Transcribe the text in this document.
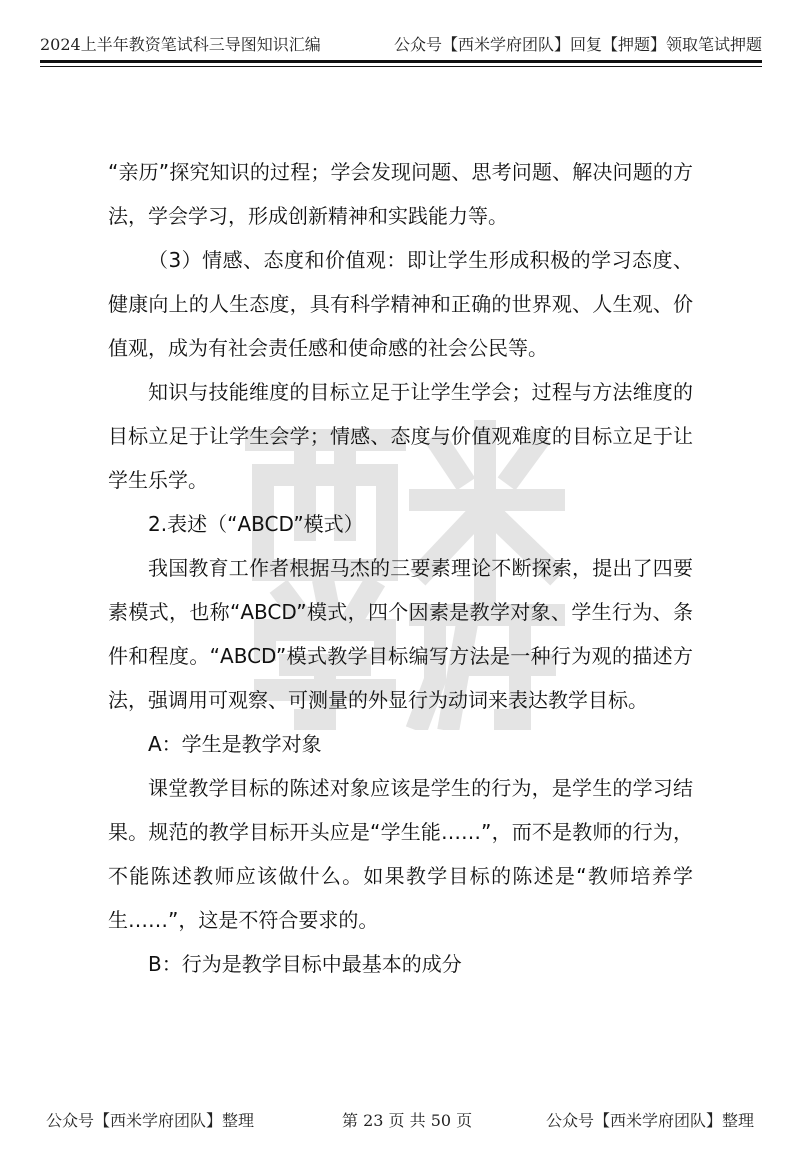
2024上半年教资笔试科三导图知识汇编	公众号【西米学府团队】回复【押题】领取笔试押题

“亲历”探究知识的过程；学会发现问题、思考问题、解决问题的方法，学会学习，形成创新精神和实践能力等。

（3）情感、态度和价值观：即让学生形成积极的学习态度、健康向上的人生态度，具有科学精神和正确的世界观、人生观、价值观，成为有社会责任感和使命感的社会公民等。

知识与技能维度的目标立足于让学生学会；过程与方法维度的目标立足于让学生会学；情感、态度与价值观难度的目标立足于让学生乐学。

2.表述（“ABCD”模式）

我国教育工作者根据马杰的三要素理论不断探索，提出了四要素模式，也称“ABCD”模式，四个因素是教学对象、学生行为、条件和程度。“ABCD”模式教学目标编写方法是一种行为观的描述方法，强调用可观察、可测量的外显行为动词来表达教学目标。

A：学生是教学对象

课堂教学目标的陈述对象应该是学生的行为，是学生的学习结果。规范的教学目标开头应是“学生能……”，而不是教师的行为，不能陈述教师应该做什么。如果教学目标的陈述是“教师培养学生……”，这是不符合要求的。

B：行为是教学目标中最基本的成分

公众号【西米学府团队】整理	第 23 页 共 50 页	公众号【西米学府团队】整理
